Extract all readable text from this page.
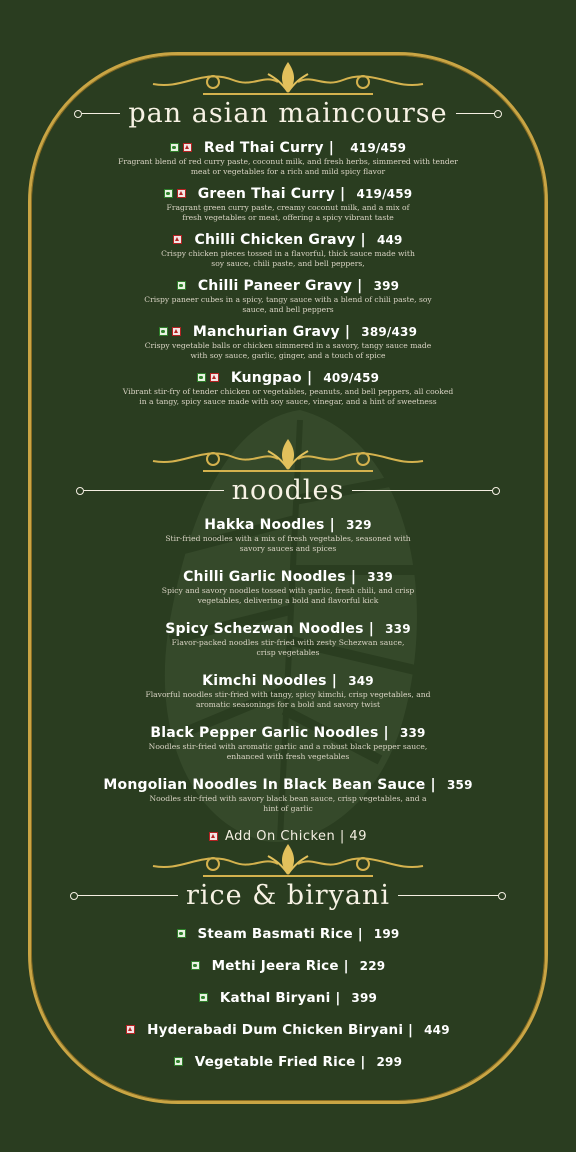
pan asian maincourse

Red Thai Curry |
419/459
Fragrant blend of red curry paste, coconut milk, and fresh herbs, simmered with tender meat or vegetables for a rich and mild spicy flavor

Green Thai Curry |
419/459
Fragrant green curry paste, creamy coconut milk, and a mix of fresh vegetables or meat, offering a spicy vibrant taste

Chilli Chicken Gravy |
449
Crispy chicken pieces tossed in a flavorful, thick sauce made with soy sauce, chili paste, and bell peppers,

Chilli Paneer Gravy |
399
Crispy paneer cubes in a spicy, tangy sauce with a blend of chili paste, soy sauce, and bell peppers

Manchurian Gravy |
389/439
Crispy vegetable balls or chicken simmered in a savory, tangy sauce made with soy sauce, garlic, ginger, and a touch of spice

Kungpao |
409/459
Vibrant stir-fry of tender chicken or vegetables, peanuts, and bell peppers, all cooked in a tangy, spicy sauce made with soy sauce, vinegar, and a hint of sweetness
noodles
Hakka Noodles |
329
Stir-fried noodles with a mix of fresh vegetables, seasoned with savory sauces and spices
Chilli Garlic Noodles |
339
Spicy and savory noodles tossed with garlic, fresh chili, and crisp vegetables, delivering a bold and flavorful kick
Spicy Schezwan Noodles |
339
Flavor-packed noodles stir-fried with zesty Schezwan sauce, crisp vegetables
Kimchi Noodles |
349
Flavorful noodles stir-fried with tangy, spicy kimchi, crisp vegetables, and aromatic seasonings for a bold and savory twist
Black Pepper Garlic Noodles |
339
Noodles stir-fried with aromatic garlic and a robust black pepper sauce, enhanced with fresh vegetables
Mongolian Noodles In Black Bean Sauce |
359
Noodles stir-fried with savory black bean sauce, crisp vegetables, and a hint of garlic
Add On Chicken | 49
rice & biryani

Steam Basmati Rice |
199

Methi Jeera Rice |
229

Kathal Biryani |
399

Hyderabadi Dum Chicken Biryani |
449

Vegetable Fried Rice |
299
